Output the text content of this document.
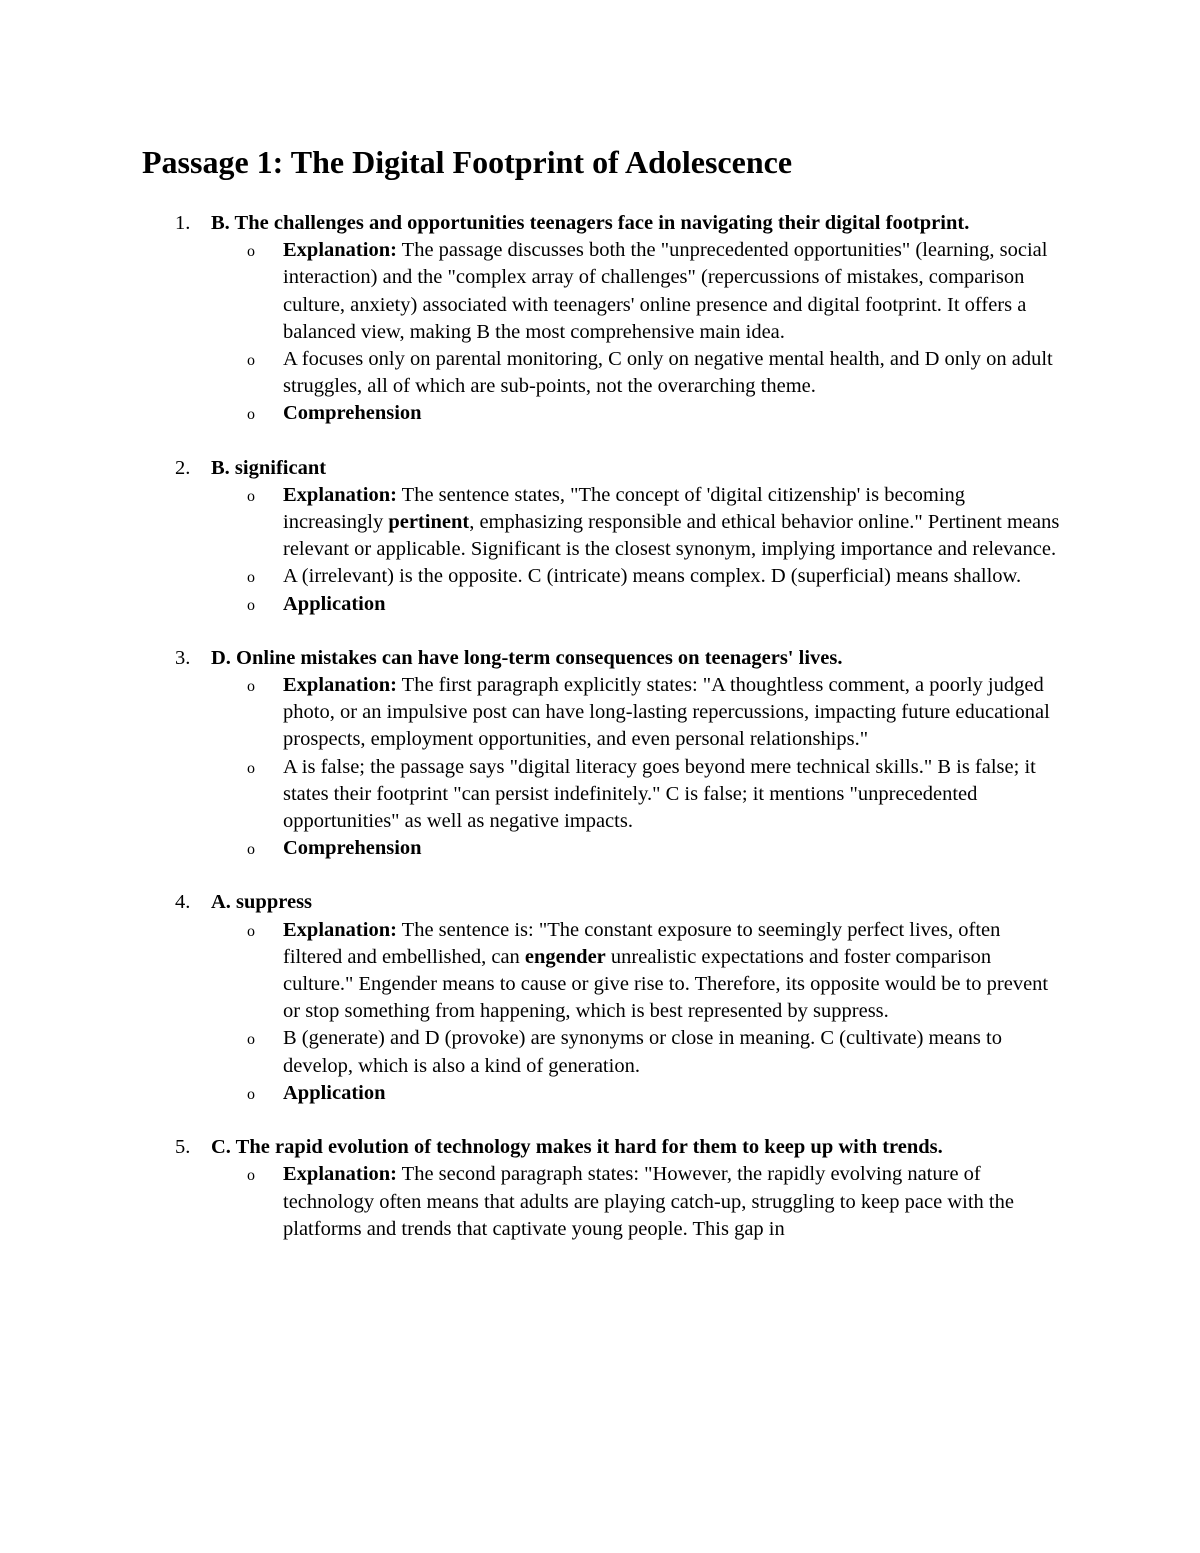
Passage 1: The Digital Footprint of Adolescence
1. B. The challenges and opportunities teenagers face in navigating their digital footprint.
o Explanation: The passage discusses both the "unprecedented opportunities" (learning, social interaction) and the "complex array of challenges" (repercussions of mistakes, comparison culture, anxiety) associated with teenagers' online presence and digital footprint. It offers a balanced view, making B the most comprehensive main idea.
o A focuses only on parental monitoring, C only on negative mental health, and D only on adult struggles, all of which are sub-points, not the overarching theme.
o Comprehension
2. B. significant
o Explanation: The sentence states, "The concept of 'digital citizenship' is becoming increasingly pertinent, emphasizing responsible and ethical behavior online." Pertinent means relevant or applicable. Significant is the closest synonym, implying importance and relevance.
o A (irrelevant) is the opposite. C (intricate) means complex. D (superficial) means shallow.
o Application
3. D. Online mistakes can have long-term consequences on teenagers' lives.
o Explanation: The first paragraph explicitly states: "A thoughtless comment, a poorly judged photo, or an impulsive post can have long-lasting repercussions, impacting future educational prospects, employment opportunities, and even personal relationships."
o A is false; the passage says "digital literacy goes beyond mere technical skills." B is false; it states their footprint "can persist indefinitely." C is false; it mentions "unprecedented opportunities" as well as negative impacts.
o Comprehension
4. A. suppress
o Explanation: The sentence is: "The constant exposure to seemingly perfect lives, often filtered and embellished, can engender unrealistic expectations and foster comparison culture." Engender means to cause or give rise to. Therefore, its opposite would be to prevent or stop something from happening, which is best represented by suppress.
o B (generate) and D (provoke) are synonyms or close in meaning. C (cultivate) means to develop, which is also a kind of generation.
o Application
5. C. The rapid evolution of technology makes it hard for them to keep up with trends.
o Explanation: The second paragraph states: "However, the rapidly evolving nature of technology often means that adults are playing catch-up, struggling to keep pace with the platforms and trends that captivate young people. This gap in
